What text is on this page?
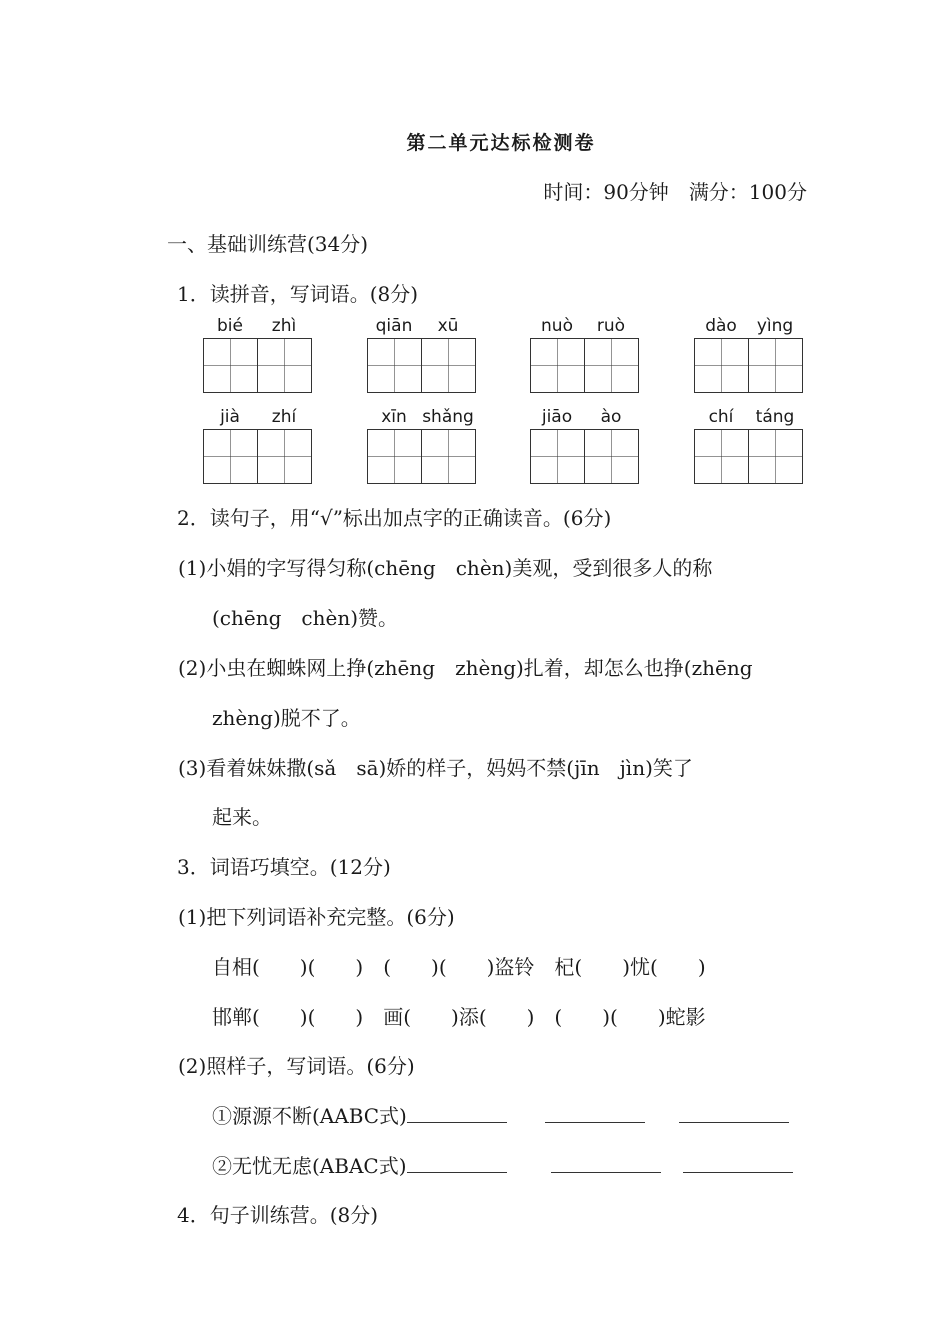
第二单元达标检测卷
时间：90分钟 满分：100分
一、基础训练营(34分)
1．读拼音，写词语。(8分)
bié	zhì	qiān	xū	nuò	ruò	dào	yìng
jià	zhí	xīn shǎng	jiāo	ào	chí	táng
2．读句子，用“√”标出加点字的正确读音。(6分)
(1)小娟的字写得匀称(chēng　chèn)美观，受到很多人的称
(chēng　chèn)赞。
(2)小虫在蜘蛛网上挣(zhēng　zhèng)扎着，却怎么也挣(zhēng
zhèng)脱不了。
(3)看着妹妹撒(sǎ　sā)娇的样子，妈妈不禁(jīn　jìn)笑了
起来。
3．词语巧填空。(12分)
(1)把下列词语补充完整。(6分)
自相(　　)(　　)　(　　)(　　)盗铃　杞(　　)忧(　　)
邯郸(　　)(　　)　画(　　)添(　　)　(　　)(　　)蛇影
(2)照样子，写词语。(6分)
①源源不断(AABC式)
②无忧无虑(ABAC式)
4．句子训练营。(8分)
